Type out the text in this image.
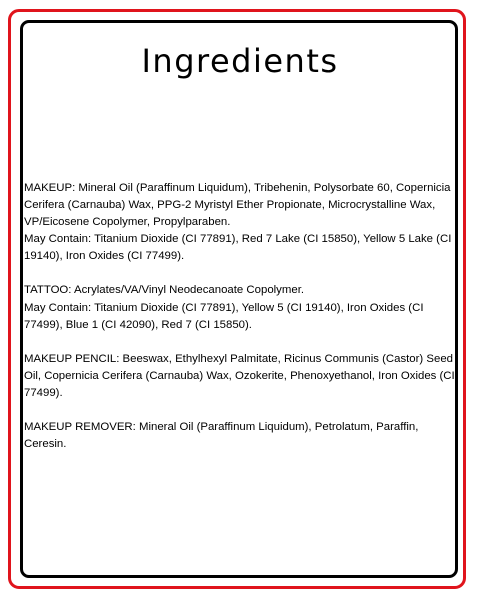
Ingredients

MAKEUP: Mineral Oil (Paraffinum Liquidum), Tribehenin, Polysorbate 60, Copernicia Cerifera (Carnauba) Wax, PPG-2 Myristyl Ether Propionate, Microcrystalline Wax, VP/Eicosene Copolymer, Propylparaben.

May Contain: Titanium Dioxide (CI 77891), Red 7 Lake (CI 15850), Yellow 5 Lake (CI 19140), Iron Oxides (CI 77499).

TATTOO: Acrylates/VA/Vinyl Neodecanoate Copolymer.

May Contain: Titanium Dioxide (CI 77891), Yellow 5 (CI 19140), Iron Oxides (CI 77499), Blue 1 (CI 42090), Red 7 (CI 15850).

MAKEUP PENCIL: Beeswax, Ethylhexyl Palmitate, Ricinus Communis (Castor) Seed Oil, Copernicia Cerifera (Carnauba) Wax, Ozokerite, Phenoxyethanol, Iron Oxides (CI 77499).

MAKEUP REMOVER: Mineral Oil (Paraffinum Liquidum), Petrolatum, Paraffin, Ceresin.
